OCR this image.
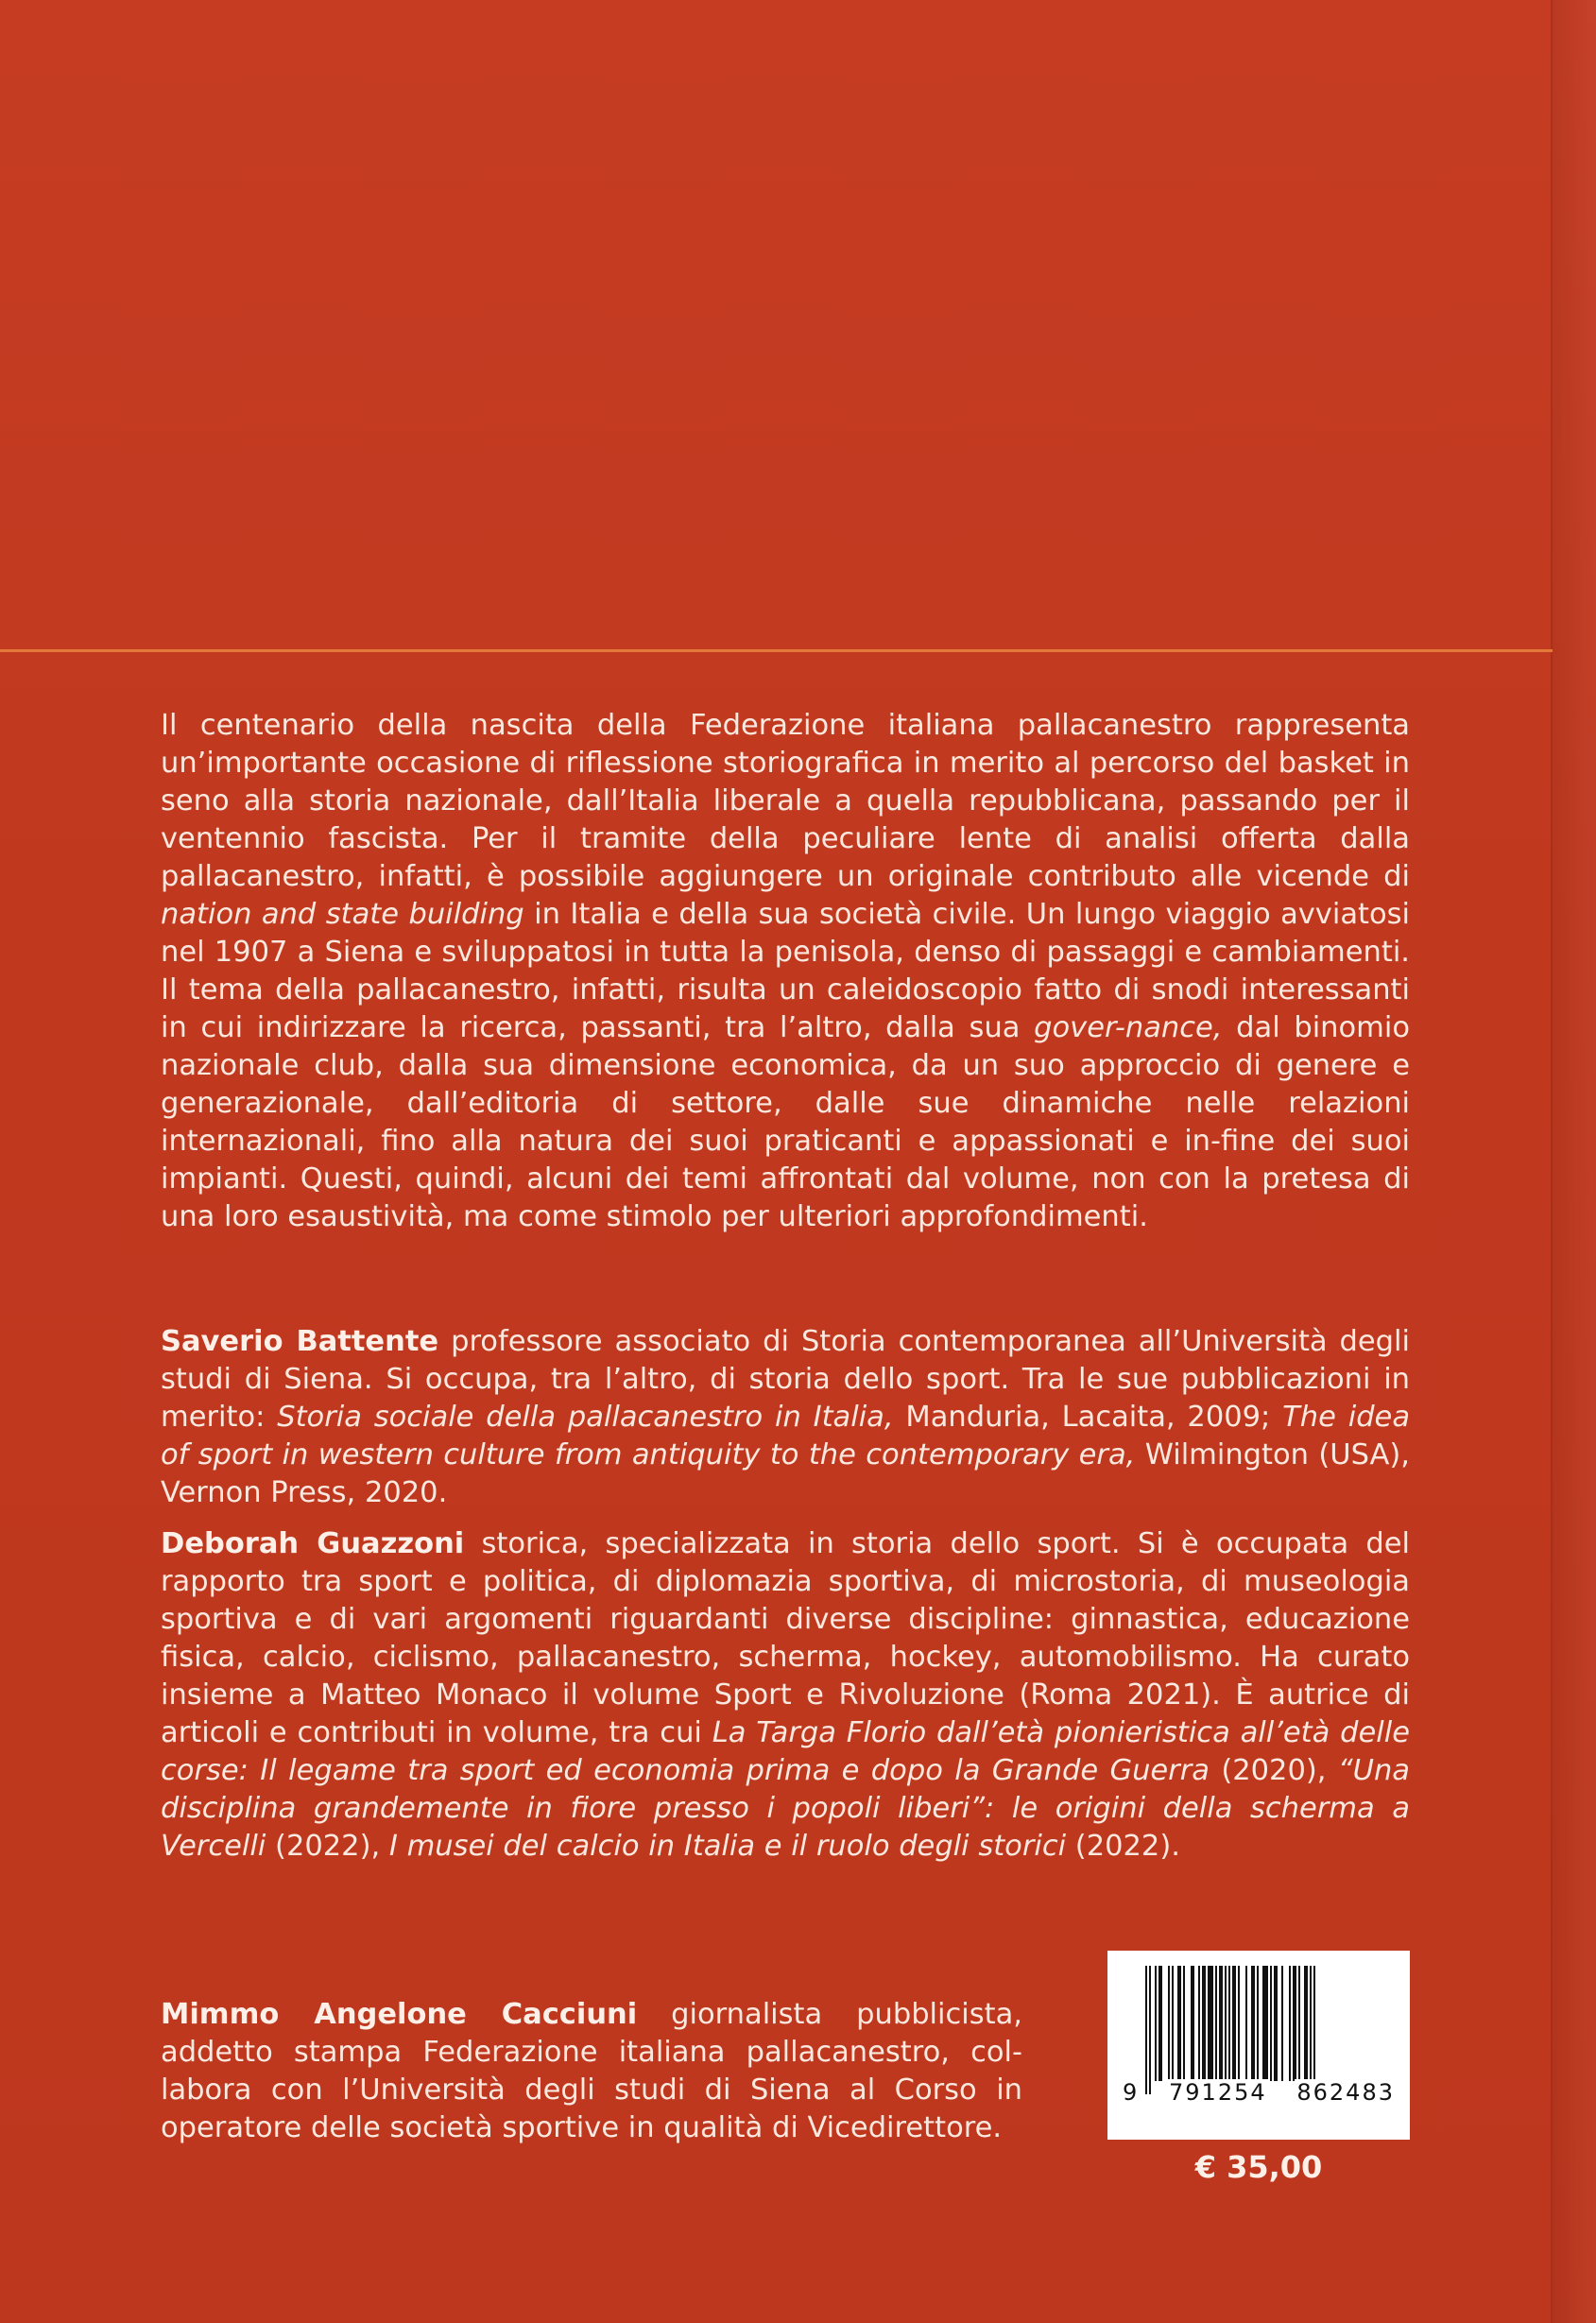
Il centenario della nascita della Federazione italiana pallacanestro rappresenta un’importante occasione di riflessione storiografica in merito al percorso del basket in seno alla storia nazionale, dall’Italia liberale a quella repubblicana, passando per il ventennio fascista. Per il tramite della peculiare lente di analisi offerta dalla pallacanestro, infatti, è possibile aggiungere un originale contributo alle vicende di nation and state building in Italia e della sua società civile. Un lungo viaggio avviatosi nel 1907 a Siena e sviluppatosi in tutta la penisola, denso di passaggi e cambiamenti. Il tema della pallacanestro, infatti, risulta un caleidoscopio fatto di snodi interessanti in cui indirizzare la ricerca, passanti, tra l’altro, dalla sua gover-nance, dal binomio nazionale club, dalla sua dimensione economica, da un suo approccio di genere e generazionale, dall’editoria di settore, dalle sue dinamiche nelle relazioni internazionali, fino alla natura dei suoi praticanti e appassionati e in-fine dei suoi impianti. Questi, quindi, alcuni dei temi affrontati dal volume, non con la pretesa di una loro esaustività, ma come stimolo per ulteriori approfondimenti.

Saverio Battente professore associato di Storia contemporanea all’Università degli studi di Siena. Si occupa, tra l’altro, di storia dello sport. Tra le sue pubblicazioni in merito: Storia sociale della pallacanestro in Italia, Manduria, Lacaita, 2009; The idea of sport in western culture from antiquity to the contemporary era, Wilmington (USA), Vernon Press, 2020.

Deborah Guazzoni storica, specializzata in storia dello sport. Si è occupata del rapporto tra sport e politica, di diplomazia sportiva, di microstoria, di museologia sportiva e di vari argomenti riguardanti diverse discipline: ginnastica, educazione fisica, calcio, ciclismo, pallacanestro, scherma, hockey, automobilismo. Ha curato insieme a Matteo Monaco il volume Sport e Rivoluzione (Roma 2021). È autrice di articoli e contributi in volume, tra cui La Targa Florio dall’età pionieristica all’età delle corse: Il legame tra sport ed economia prima e dopo la Grande Guerra (2020), “Una disciplina grandemente in fiore presso i popoli liberi”: le origini della scherma a Vercelli (2022), I musei del calcio in Italia e il ruolo degli storici (2022).

Mimmo Angelone Cacciuni giornalista pubblicista, addetto stampa Federazione italiana pallacanestro, col-labora con l’Università degli studi di Siena al Corso in operatore delle società sportive in qualità di Vicedirettore.

9 791254 862483
€ 35,00
